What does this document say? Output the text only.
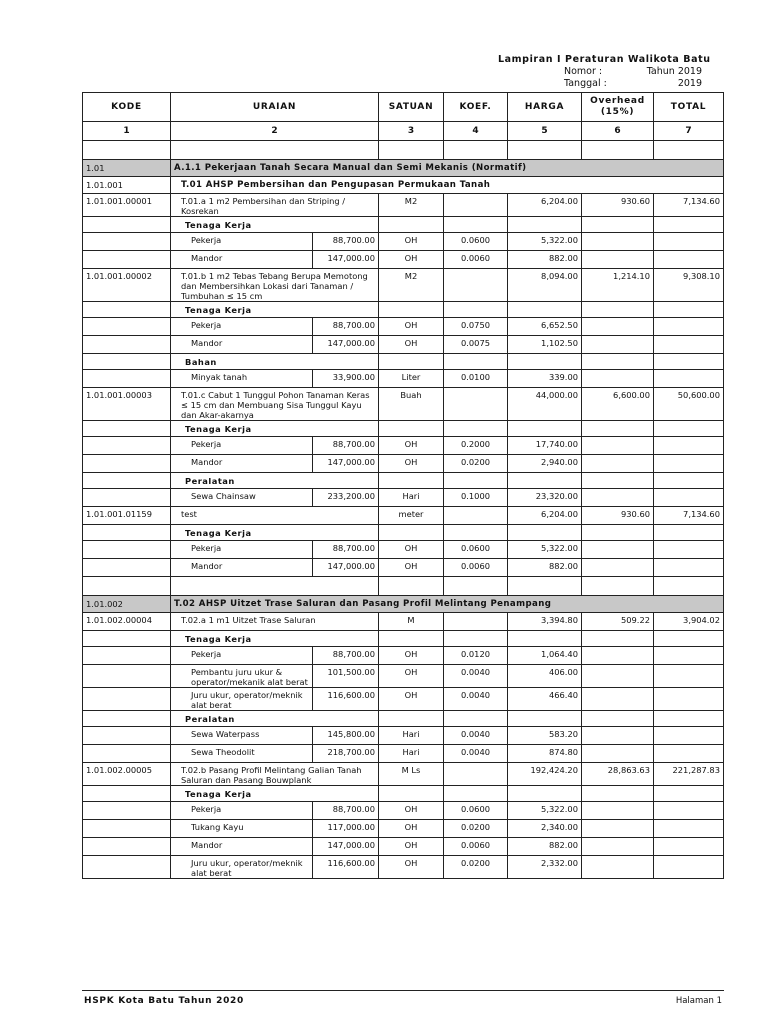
Lampiran I Peraturan Walikota Batu
Nomor :	Tahun 2019
Tanggal :	2019
KODE	URAIAN		SATUAN	KOEF.	HARGA	Overhead (15%)	TOTAL
1	2		3	4	5	6	7

1.01	A.1.1 Pekerjaan Tanah Secara Manual dan Semi Mekanis (Normatif)						
1.01.001	T.01 AHSP Pembersihan dan Pengupasan Permukaan Tanah						
1.01.001.00001	T.01.a 1 m2 Pembersihan dan Striping / Kosrekan		M2		6,204.00	930.60	7,134.60
	Tenaga Kerja						
	Pekerja	88,700.00	OH	0.0600	5,322.00		
	Mandor	147,000.00	OH	0.0060	882.00		
1.01.001.00002	T.01.b 1 m2 Tebas Tebang Berupa Memotong dan Membersihkan Lokasi dari Tanaman / Tumbuhan ≤ 15 cm		M2		8,094.00	1,214.10	9,308.10
	Tenaga Kerja						
	Pekerja	88,700.00	OH	0.0750	6,652.50		
	Mandor	147,000.00	OH	0.0075	1,102.50		
	Bahan						
	Minyak tanah	33,900.00	Liter	0.0100	339.00		
1.01.001.00003	T.01.c Cabut 1 Tunggul Pohon Tanaman Keras ≤ 15 cm dan Membuang Sisa Tunggul Kayu dan Akar-akarnya		Buah		44,000.00	6,600.00	50,600.00
	Tenaga Kerja						
	Pekerja	88,700.00	OH	0.2000	17,740.00		
	Mandor	147,000.00	OH	0.0200	2,940.00		
	Peralatan						
	Sewa Chainsaw	233,200.00	Hari	0.1000	23,320.00		
1.01.001.01159	test		meter		6,204.00	930.60	7,134.60
	Tenaga Kerja						
	Pekerja	88,700.00	OH	0.0600	5,322.00		
	Mandor	147,000.00	OH	0.0060	882.00		

1.01.002	T.02 AHSP Uitzet Trase Saluran dan Pasang Profil Melintang Penampang						
1.01.002.00004	T.02.a 1 m1 Uitzet Trase Saluran		M		3,394.80	509.22	3,904.02
	Tenaga Kerja						
	Pekerja	88,700.00	OH	0.0120	1,064.40		
	Pembantu juru ukur & operator/mekanik alat berat	101,500.00	OH	0.0040	406.00		
	Juru ukur, operator/meknik alat berat	116,600.00	OH	0.0040	466.40		
	Peralatan						
	Sewa Waterpass	145,800.00	Hari	0.0040	583.20		
	Sewa Theodolit	218,700.00	Hari	0.0040	874.80		
1.01.002.00005	T.02.b Pasang Profil Melintang Galian Tanah Saluran dan Pasang Bouwplank		M Ls		192,424.20	28,863.63	221,287.83
	Tenaga Kerja						
	Pekerja	88,700.00	OH	0.0600	5,322.00		
	Tukang Kayu	117,000.00	OH	0.0200	2,340.00		
	Mandor	147,000.00	OH	0.0060	882.00		
	Juru ukur, operator/meknik alat berat	116,600.00	OH	0.0200	2,332.00		
HSPK Kota Batu Tahun 2020	Halaman 1
